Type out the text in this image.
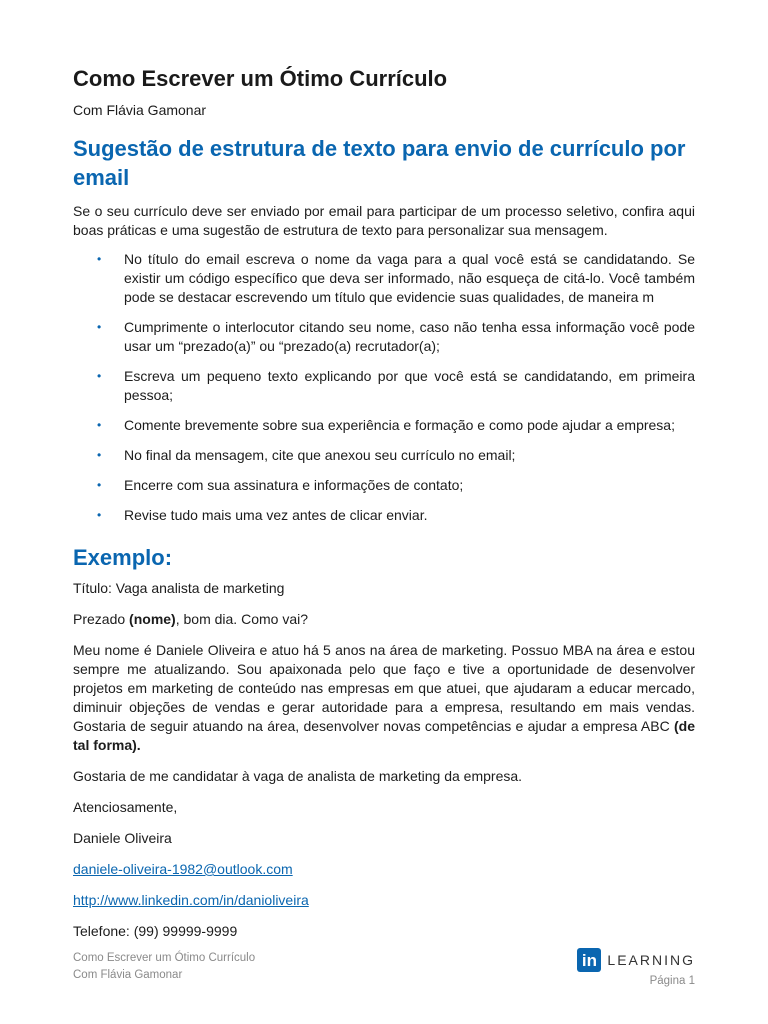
Como Escrever um Ótimo Currículo

Com Flávia Gamonar

Sugestão de estrutura de texto para envio de currículo por email

Se o seu currículo deve ser enviado por email para participar de um processo seletivo, confira aqui boas práticas e uma sugestão de estrutura de texto para personalizar sua mensagem.

• No título do email escreva o nome da vaga para a qual você está se candidatando. Se existir um código específico que deva ser informado, não esqueça de citá-lo. Você também pode se destacar escrevendo um título que evidencie suas qualidades, de maneira m
• Cumprimente o interlocutor citando seu nome, caso não tenha essa informação você pode usar um “prezado(a)” ou “prezado(a) recrutador(a);
• Escreva um pequeno texto explicando por que você está se candidatando, em primeira pessoa;
• Comente brevemente sobre sua experiência e formação e como pode ajudar a empresa;
• No final da mensagem, cite que anexou seu currículo no email;
• Encerre com sua assinatura e informações de contato;
• Revise tudo mais uma vez antes de clicar enviar.
Exemplo:

Título: Vaga analista de marketing

Prezado (nome), bom dia. Como vai?

Meu nome é Daniele Oliveira e atuo há 5 anos na área de marketing. Possuo MBA na área e estou sempre me atualizando. Sou apaixonada pelo que faço e tive a oportunidade de desenvolver projetos em marketing de conteúdo nas empresas em que atuei, que ajudaram a educar mercado, diminuir objeções de vendas e gerar autoridade para a empresa, resultando em mais vendas. Gostaria de seguir atuando na área, desenvolver novas competências e ajudar a empresa ABC (de tal forma).

Gostaria de me candidatar à vaga de analista de marketing da empresa.

Atenciosamente,

Daniele Oliveira

daniele-oliveira-1982@outlook.com

http://www.linkedin.com/in/danioliveira

Telefone: (99) 99999-9999

Como Escrever um Ótimo Currículo
Com Flávia Gamonar
in LEARNING
Página 1
